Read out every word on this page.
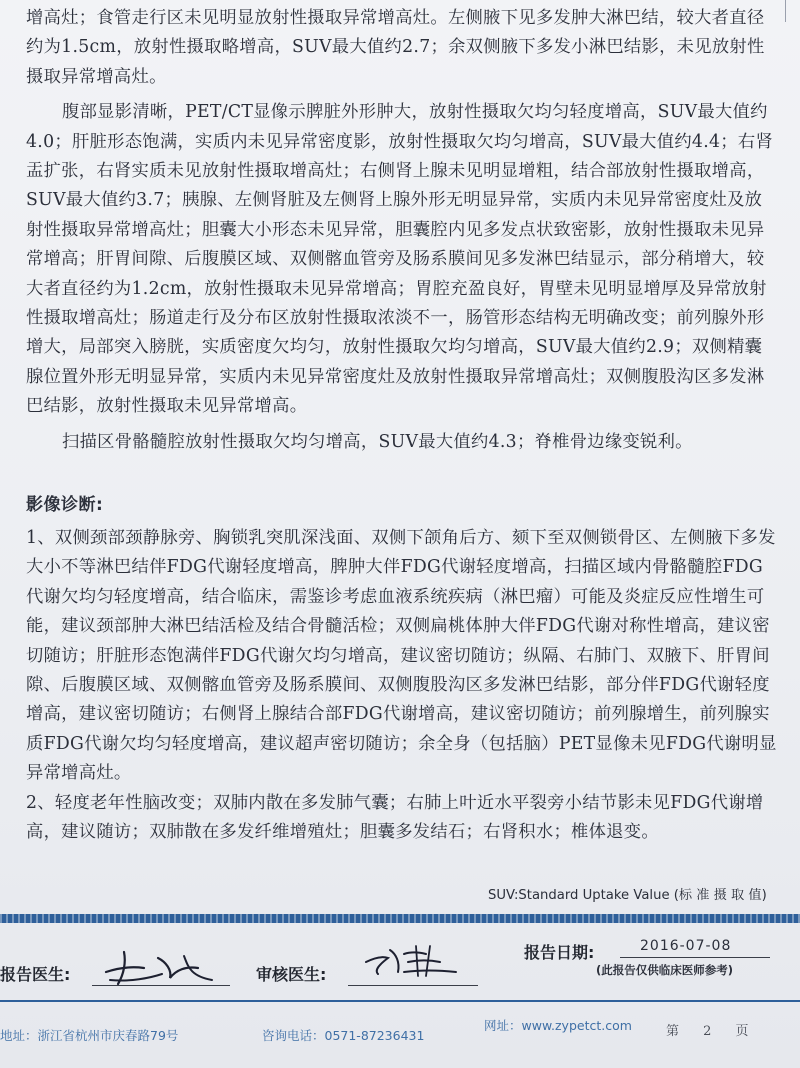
增高灶；食管走行区未见明显放射性摄取异常增高灶。左侧腋下见多发肿大淋巴结，较大者直径约为1.5cm，放射性摄取略增高，SUV最大值约2.7；余双侧腋下多发小淋巴结影，未见放射性摄取异常增高灶。

腹部显影清晰，PET/CT显像示脾脏外形肿大，放射性摄取欠均匀轻度增高，SUV最大值约4.0；肝脏形态饱满，实质内未见异常密度影，放射性摄取欠均匀增高，SUV最大值约4.4；右肾盂扩张，右肾实质未见放射性摄取增高灶；右侧肾上腺未见明显增粗，结合部放射性摄取增高，SUV最大值约3.7；胰腺、左侧肾脏及左侧肾上腺外形无明显异常，实质内未见异常密度灶及放射性摄取异常增高灶；胆囊大小形态未见异常，胆囊腔内见多发点状致密影，放射性摄取未见异常增高；肝胃间隙、后腹膜区域、双侧髂血管旁及肠系膜间见多发淋巴结显示，部分稍增大，较大者直径约为1.2cm，放射性摄取未见异常增高；胃腔充盈良好，胃壁未见明显增厚及异常放射性摄取增高灶；肠道走行及分布区放射性摄取浓淡不一，肠管形态结构无明确改变；前列腺外形增大，局部突入膀胱，实质密度欠均匀，放射性摄取欠均匀增高，SUV最大值约2.9；双侧精囊腺位置外形无明显异常，实质内未见异常密度灶及放射性摄取异常增高灶；双侧腹股沟区多发淋巴结影，放射性摄取未见异常增高。

扫描区骨骼髓腔放射性摄取欠均匀增高，SUV最大值约4.3；脊椎骨边缘变锐利。

影像诊断:

1、双侧颈部颈静脉旁、胸锁乳突肌深浅面、双侧下颌角后方、颏下至双侧锁骨区、左侧腋下多发大小不等淋巴结伴FDG代谢轻度增高，脾肿大伴FDG代谢轻度增高，扫描区域内骨骼髓腔FDG代谢欠均匀轻度增高，结合临床，需鉴诊考虑血液系统疾病（淋巴瘤）可能及炎症反应性增生可能，建议颈部肿大淋巴结活检及结合骨髓活检；双侧扁桃体肿大伴FDG代谢对称性增高，建议密切随访；肝脏形态饱满伴FDG代谢欠均匀增高，建议密切随访；纵隔、右肺门、双腋下、肝胃间隙、后腹膜区域、双侧髂血管旁及肠系膜间、双侧腹股沟区多发淋巴结影，部分伴FDG代谢轻度增高，建议密切随访；右侧肾上腺结合部FDG代谢增高，建议密切随访；前列腺增生，前列腺实质FDG代谢欠均匀轻度增高，建议超声密切随访；余全身（包括脑）PET显像未见FDG代谢明显异常增高灶。

2、轻度老年性脑改变；双肺内散在多发肺气囊；右肺上叶近水平裂旁小结节影未见FDG代谢增高，建议随访；双肺散在多发纤维增殖灶；胆囊多发结石；右肾积水；椎体退变。

SUV:Standard Uptake Value (标 准 摄 取 值)
报告医生:	审核医生:
报告日期:	2016-07-08
(此报告仅供临床医师参考)
地址：浙江省杭州市庆春路79号	咨询电话：0571-87236431
网址：www.zypetct.com	第 2 页
